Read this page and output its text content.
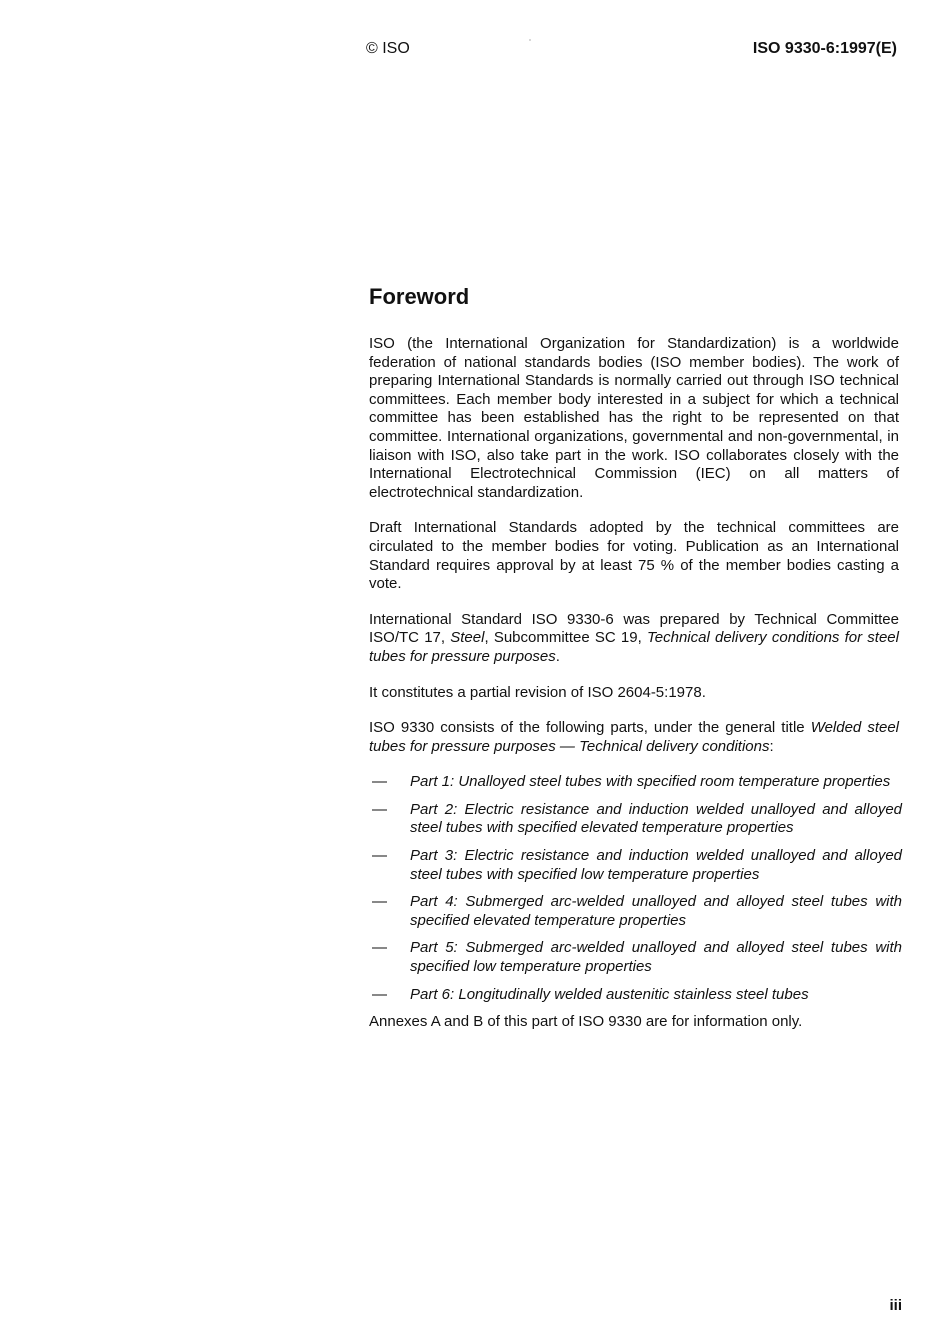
© ISO	ISO 9330-6:1997(E)
Foreword

ISO (the International Organization for Standardization) is a worldwide federation of national standards bodies (ISO member bodies). The work of preparing International Standards is normally carried out through ISO technical committees. Each member body interested in a subject for which a technical committee has been established has the right to be represented on that committee. International organizations, governmental and non-governmental, in liaison with ISO, also take part in the work. ISO collaborates closely with the International Electrotechnical Commission (IEC) on all matters of electrotechnical standardization.

Draft International Standards adopted by the technical committees are circulated to the member bodies for voting. Publication as an International Standard requires approval by at least 75 % of the member bodies casting a vote.

International Standard ISO 9330-6 was prepared by Technical Committee ISO/TC 17, Steel, Subcommittee SC 19, Technical delivery conditions for steel tubes for pressure purposes.

It constitutes a partial revision of ISO 2604-5:1978.

ISO 9330 consists of the following parts, under the general title Welded steel tubes for pressure purposes — Technical delivery conditions:

—	Part 1: Unalloyed steel tubes with specified room temperature properties
—	Part 2: Electric resistance and induction welded unalloyed and alloyed steel tubes with specified elevated temperature properties
—	Part 3: Electric resistance and induction welded unalloyed and alloyed steel tubes with specified low temperature properties
—	Part 4: Submerged arc-welded unalloyed and alloyed steel tubes with specified elevated temperature properties
—	Part 5: Submerged arc-welded unalloyed and alloyed steel tubes with specified low temperature properties
—	Part 6: Longitudinally welded austenitic stainless steel tubes

Annexes A and B of this part of ISO 9330 are for information only.

iii
